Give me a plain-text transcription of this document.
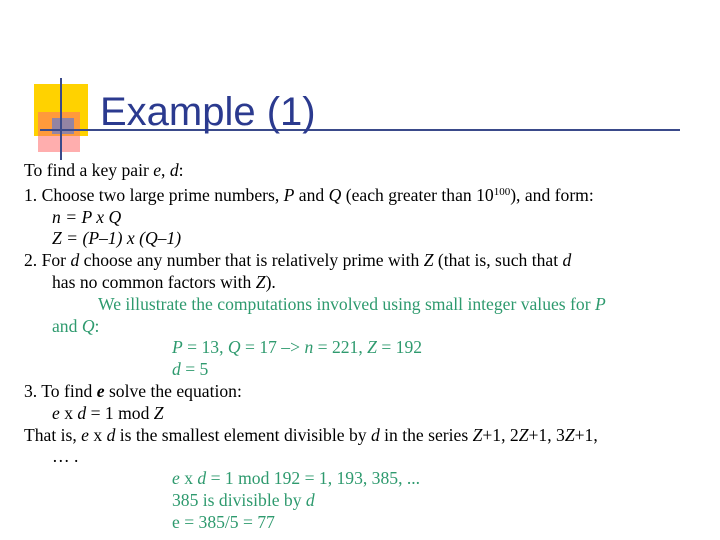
Example (1)
To find a key pair e, d:
1. Choose two large prime numbers, P and Q (each greater than $10^{100}$), and form:
n = P x Q
Z = (P–1) x (Q–1)
2. For d choose any number that is relatively prime with Z (that is, such that d
has no common factors with Z).
We illustrate the computations involved using small integer values for P
and Q:
P = 13, Q = 17 –> n = 221, Z = 192
d = 5
3. To find e solve the equation:
e x d = 1 mod Z
That is, e x d is the smallest element divisible by d in the series Z+1, 2Z+1, 3Z+1,
… .
e x d = 1 mod 192 = 1, 193, 385, ...
385 is divisible by d
e = 385/5 = 77
